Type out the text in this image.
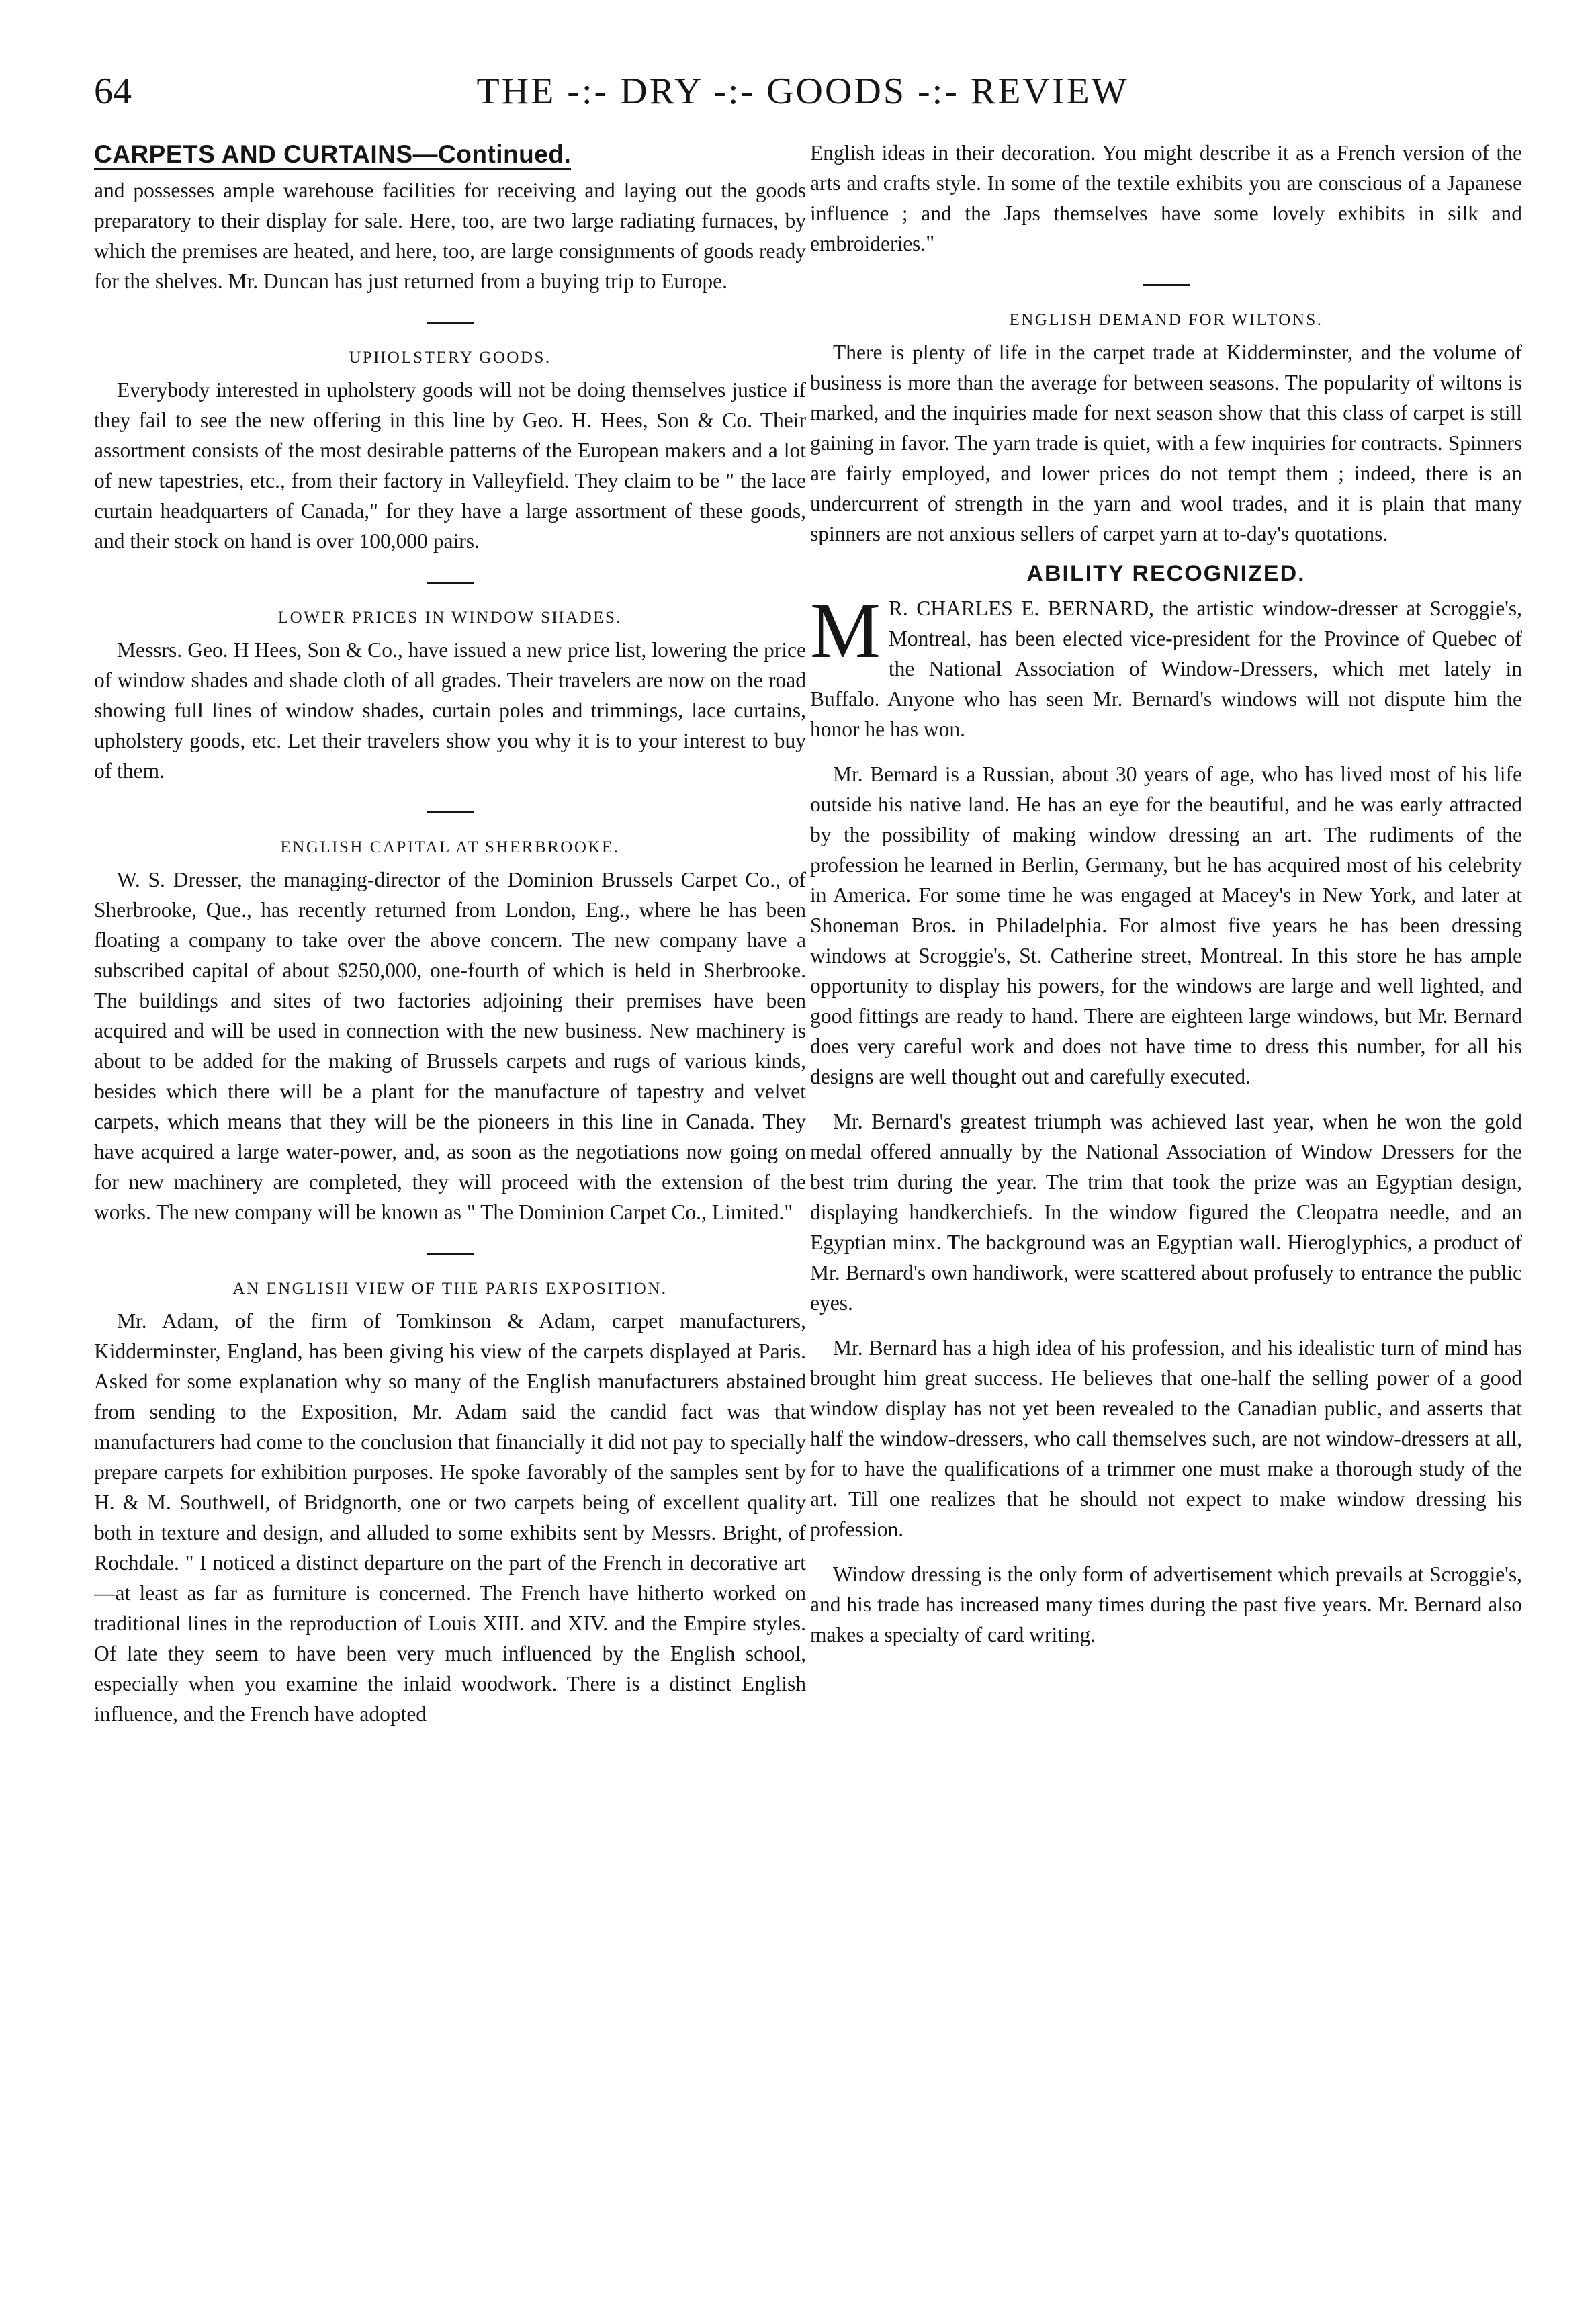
64	THE -:- DRY -:- GOODS -:- REVIEW
CARPETS AND CURTAINS—Continued.

and possesses ample warehouse facilities for receiving and laying out the goods preparatory to their display for sale. Here, too, are two large radiating furnaces, by which the premises are heated, and here, too, are large consignments of goods ready for the shelves. Mr. Duncan has just returned from a buying trip to Europe.

UPHOLSTERY GOODS.

Everybody interested in upholstery goods will not be doing themselves justice if they fail to see the new offering in this line by Geo. H. Hees, Son & Co. Their assortment consists of the most desirable patterns of the European makers and a lot of new tapestries, etc., from their factory in Valleyfield. They claim to be " the lace curtain headquarters of Canada," for they have a large assortment of these goods, and their stock on hand is over 100,000 pairs.

LOWER PRICES IN WINDOW SHADES.

Messrs. Geo. H Hees, Son & Co., have issued a new price list, lowering the price of window shades and shade cloth of all grades. Their travelers are now on the road showing full lines of window shades, curtain poles and trimmings, lace curtains, upholstery goods, etc. Let their travelers show you why it is to your interest to buy of them.

ENGLISH CAPITAL AT SHERBROOKE.

W. S. Dresser, the managing-director of the Dominion Brussels Carpet Co., of Sherbrooke, Que., has recently returned from London, Eng., where he has been floating a company to take over the above concern. The new company have a subscribed capital of about $250,000, one-fourth of which is held in Sherbrooke. The buildings and sites of two factories adjoining their premises have been acquired and will be used in connection with the new business. New machinery is about to be added for the making of Brussels carpets and rugs of various kinds, besides which there will be a plant for the manufacture of tapestry and velvet carpets, which means that they will be the pioneers in this line in Canada. They have acquired a large water-power, and, as soon as the negotiations now going on for new machinery are completed, they will proceed with the extension of the works. The new company will be known as " The Dominion Carpet Co., Limited."

AN ENGLISH VIEW OF THE PARIS EXPOSITION.

Mr. Adam, of the firm of Tomkinson & Adam, carpet manufacturers, Kidderminster, England, has been giving his view of the carpets displayed at Paris. Asked for some explanation why so many of the English manufacturers abstained from sending to the Exposition, Mr. Adam said the candid fact was that manufacturers had come to the conclusion that financially it did not pay to specially prepare carpets for exhibition purposes. He spoke favorably of the samples sent by H. & M. Southwell, of Bridgnorth, one or two carpets being of excellent quality both in texture and design, and alluded to some exhibits sent by Messrs. Bright, of Rochdale. " I noticed a distinct departure on the part of the French in decorative art —at least as far as furniture is concerned. The French have hitherto worked on traditional lines in the reproduction of Louis XIII. and XIV. and the Empire styles. Of late they seem to have been very much influenced by the English school, especially when you examine the inlaid woodwork. There is a distinct English influence, and the French have adopted

English ideas in their decoration. You might describe it as a French version of the arts and crafts style. In some of the textile exhibits you are conscious of a Japanese influence ; and the Japs themselves have some lovely exhibits in silk and embroideries."

ENGLISH DEMAND FOR WILTONS.

There is plenty of life in the carpet trade at Kidderminster, and the volume of business is more than the average for between seasons. The popularity of wiltons is marked, and the inquiries made for next season show that this class of carpet is still gaining in favor. The yarn trade is quiet, with a few inquiries for contracts. Spinners are fairly employed, and lower prices do not tempt them ; indeed, there is an undercurrent of strength in the yarn and wool trades, and it is plain that many spinners are not anxious sellers of carpet yarn at to-day's quotations.

ABILITY RECOGNIZED.

M R. CHARLES E. BERNARD, the artistic window-dresser at Scroggie's, Montreal, has been elected vice-president for the Province of Quebec of the National Association of Window-Dressers, which met lately in Buffalo. Anyone who has seen Mr. Bernard's windows will not dispute him the honor he has won.

Mr. Bernard is a Russian, about 30 years of age, who has lived most of his life outside his native land. He has an eye for the beautiful, and he was early attracted by the possibility of making window dressing an art. The rudiments of the profession he learned in Berlin, Germany, but he has acquired most of his celebrity in America. For some time he was engaged at Macey's in New York, and later at Shoneman Bros. in Philadelphia. For almost five years he has been dressing windows at Scroggie's, St. Catherine street, Montreal. In this store he has ample opportunity to display his powers, for the windows are large and well lighted, and good fittings are ready to hand. There are eighteen large windows, but Mr. Bernard does very careful work and does not have time to dress this number, for all his designs are well thought out and carefully executed.

Mr. Bernard's greatest triumph was achieved last year, when he won the gold medal offered annually by the National Association of Window Dressers for the best trim during the year. The trim that took the prize was an Egyptian design, displaying handkerchiefs. In the window figured the Cleopatra needle, and an Egyptian minx. The background was an Egyptian wall. Hieroglyphics, a product of Mr. Bernard's own handiwork, were scattered about profusely to entrance the public eyes.

Mr. Bernard has a high idea of his profession, and his idealistic turn of mind has brought him great success. He believes that one-half the selling power of a good window display has not yet been revealed to the Canadian public, and asserts that half the window-dressers, who call themselves such, are not window-dressers at all, for to have the qualifications of a trimmer one must make a thorough study of the art. Till one realizes that he should not expect to make window dressing his profession.

Window dressing is the only form of advertisement which prevails at Scroggie's, and his trade has increased many times during the past five years. Mr. Bernard also makes a specialty of card writing.
